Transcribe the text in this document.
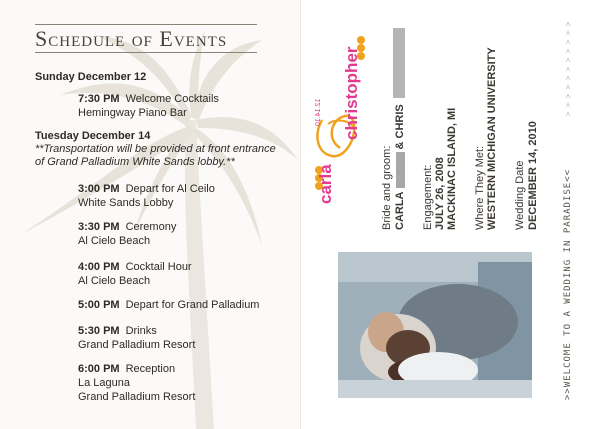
Schedule of Events
Sunday December 12
7:30 PM Welcome Cocktails
Hemingway Piano Bar
Tuesday December 14
**Transportation will be provided at front entrance of Grand Palladium White Sands lobby.**
3:00 PM Depart for Al Ceilo
White Sands Lobby
3:30 PM Ceremony
Al Cielo Beach
4:00 PM Cocktail Hour
Al Cielo Beach
5:00 PM Depart for Grand Palladium
5:30 PM Drinks
Grand Palladium Resort
6:00 PM Reception
La Laguna
Grand Palladium Resort
christopher
carla
12.14.10
Bride and groom: CARLA& CHRIS
Engagement: JULY 26, 2008 MACKINAC ISLAND, MI Where They Met: WESTERN MICHIGAN UNIVERSITY Wedding Date DECEMBER 14, 2010
˄
˄
˄
˄
˄
˄
˄
˄
˄
˄
˄
>>WELCOME TO A WEDDING IN PARADISE<<
